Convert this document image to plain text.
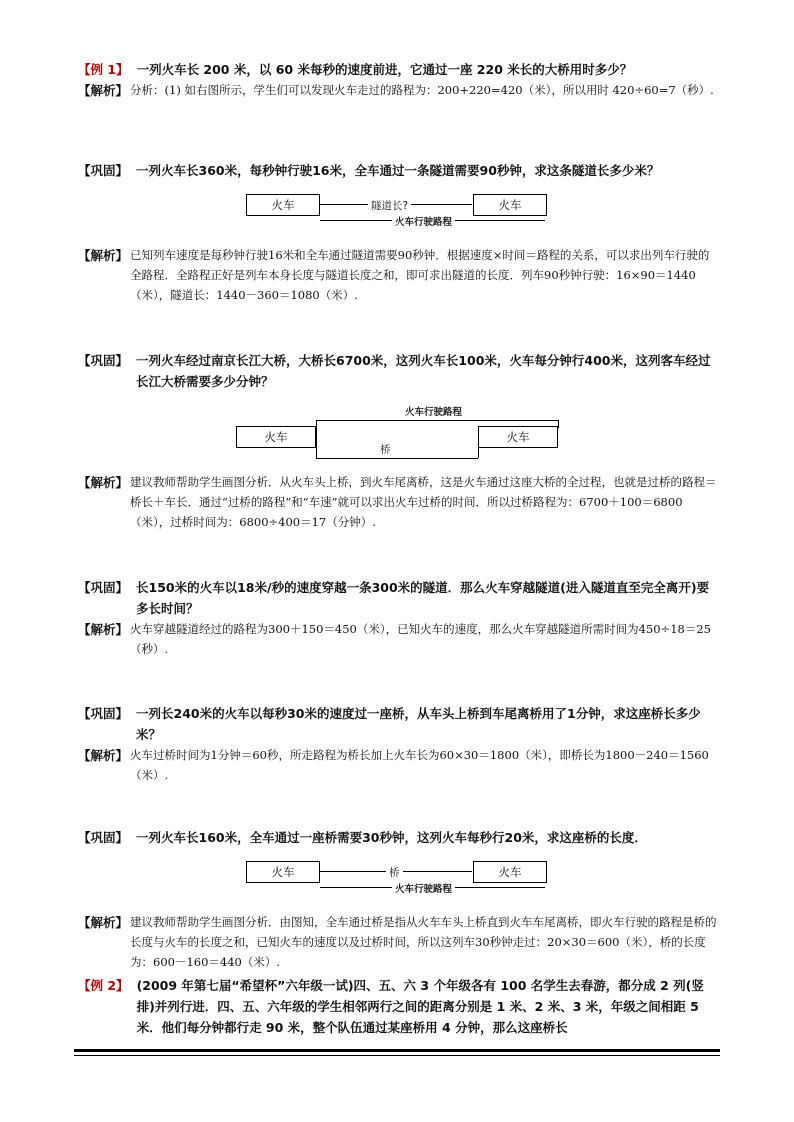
【例 1】 一列火车长 200 米，以 60 米每秒的速度前进，它通过一座 220 米长的大桥用时多少？
【解析】 分析：(1) 如右图所示，学生们可以发现火车走过的路程为：200+220=420（米），所以用时 420÷60=7（秒）.
【巩固】 一列火车长360米，每秒钟行驶16米，全车通过一条隧道需要90秒钟，求这条隧道长多少米？
火车	火车
隧道长?
火车行驶路程
【解析】 已知列车速度是每秒钟行驶16米和全车通过隧道需要90秒钟．根据速度×时间＝路程的关系，可以求出列车行驶的全路程．全路程正好是列车本身长度与隧道长度之和，即可求出隧道的长度．列车90秒钟行驶：16×90＝1440（米），隧道长：1440－360＝1080（米）.
【巩固】 一列火车经过南京长江大桥，大桥长6700米，这列火车长100米，火车每分钟行400米，这列客车经过长江大桥需要多少分钟？
火车行驶路程
火车	火车
桥
【解析】 建议教师帮助学生画图分析．从火车头上桥，到火车尾离桥，这是火车通过这座大桥的全过程，也就是过桥的路程＝桥长＋车长．通过“过桥的路程”和“车速”就可以求出火车过桥的时间．所以过桥路程为：6700＋100＝6800（米），过桥时间为：6800÷400＝17（分钟）.
【巩固】 长150米的火车以18米/秒的速度穿越一条300米的隧道．那么火车穿越隧道(进入隧道直至完全离开)要多长时间？
【解析】 火车穿越隧道经过的路程为300＋150＝450（米），已知火车的速度，那么火车穿越隧道所需时间为450÷18＝25（秒）.
【巩固】 一列长240米的火车以每秒30米的速度过一座桥，从车头上桥到车尾离桥用了1分钟，求这座桥长多少米？
【解析】 火车过桥时间为1分钟＝60秒，所走路程为桥长加上火车长为60×30＝1800（米），即桥长为1800－240＝1560（米）.
【巩固】 一列火车长160米，全车通过一座桥需要30秒钟，这列火车每秒行20米，求这座桥的长度．
火车	火车
桥
火车行驶路程
【解析】 建议教师帮助学生画图分析．由图知，全车通过桥是指从火车车头上桥直到火车车尾离桥，即火车行驶的路程是桥的长度与火车的长度之和，已知火车的速度以及过桥时间，所以这列车30秒钟走过：20×30＝600（米），桥的长度为：600－160＝440（米）.
【例 2】 (2009 年第七届“希望杯”六年级一试)四、五、六 3 个年级各有 100 名学生去春游，都分成 2 列(竖排)并列行进．四、五、六年级的学生相邻两行之间的距离分别是 1 米、2 米、3 米，年级之间相距 5 米．他们每分钟都行走 90 米，整个队伍通过某座桥用 4 分钟，那么这座桥长
